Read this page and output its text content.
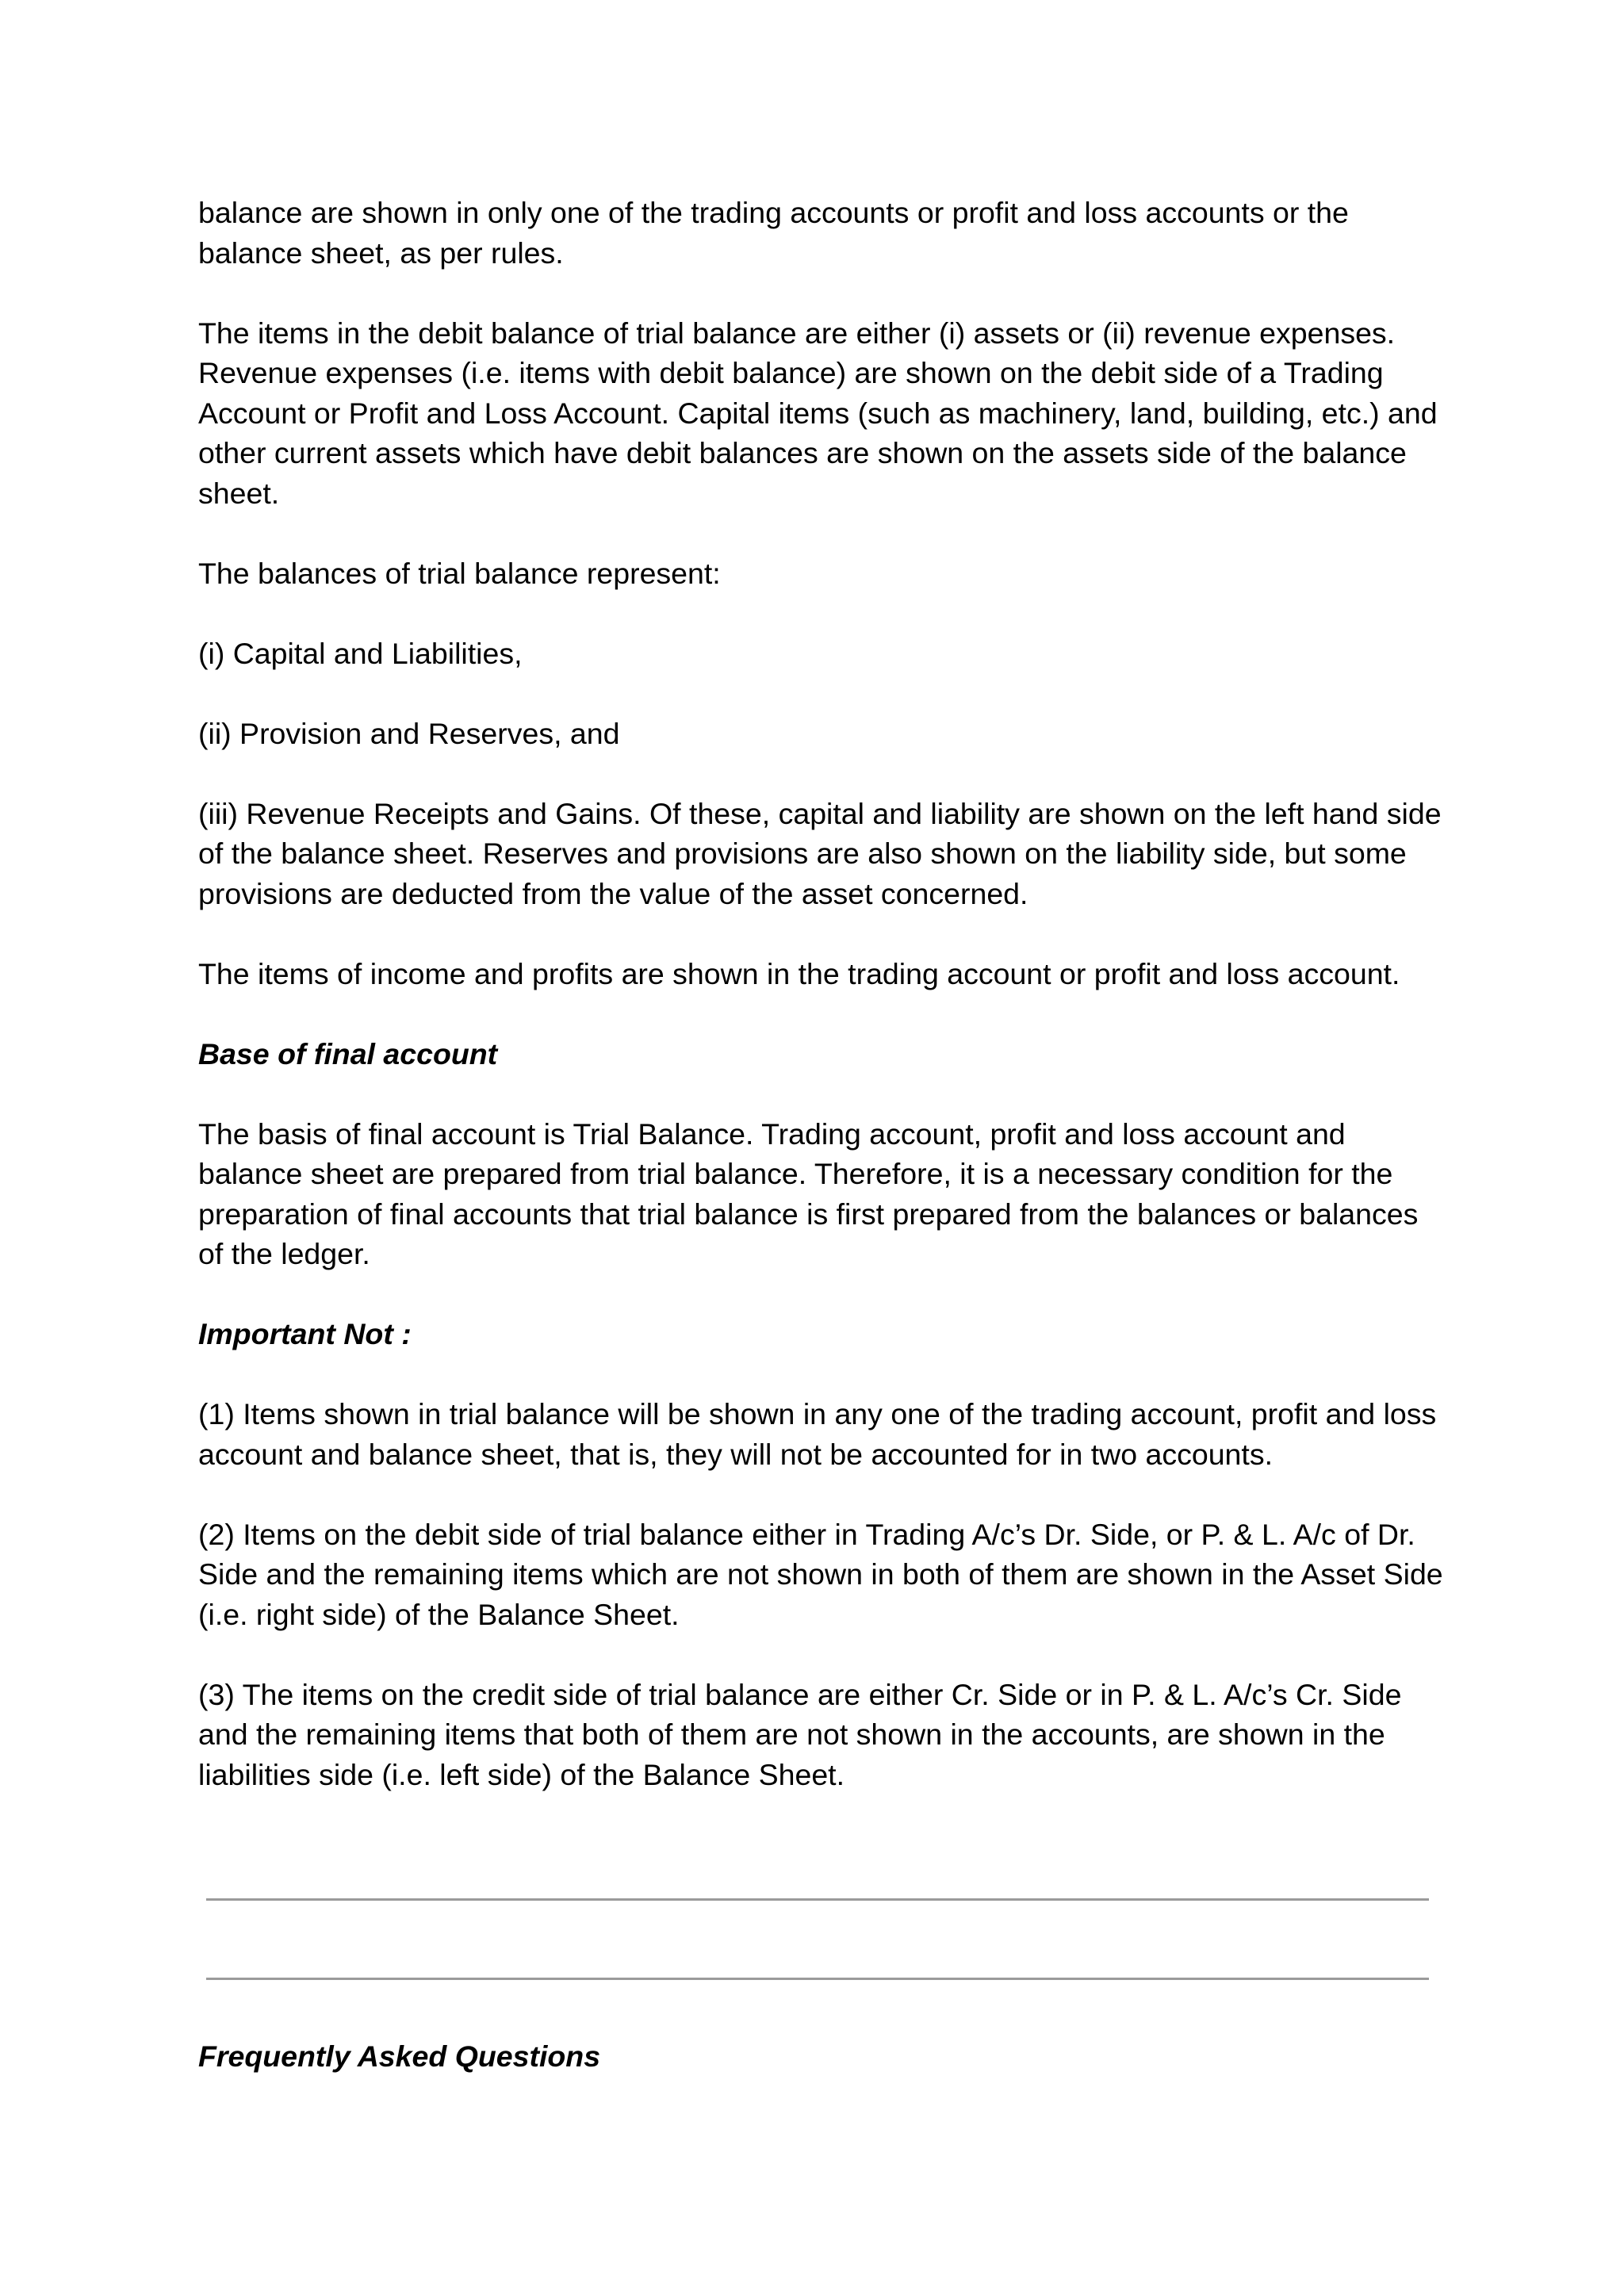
balance are shown in only one of the trading accounts or profit and loss accounts or the balance sheet, as per rules.

The items in the debit balance of trial balance are either (i) assets or (ii) revenue expenses. Revenue expenses (i.e. items with debit balance) are shown on the debit side of a Trading Account or Profit and Loss Account. Capital items (such as machinery, land, building, etc.) and other current assets which have debit balances are shown on the assets side of the balance sheet.

The balances of trial balance represent:

(i) Capital and Liabilities,

(ii) Provision and Reserves, and

(iii) Revenue Receipts and Gains. Of these, capital and liability are shown on the left hand side of the balance sheet. Reserves and provisions are also shown on the liability side, but some provisions are deducted from the value of the asset concerned.

The items of income and profits are shown in the trading account or profit and loss account.

Base of final account

The basis of final account is Trial Balance. Trading account, profit and loss account and balance sheet are prepared from trial balance. Therefore, it is a necessary condition for the preparation of final accounts that trial balance is first prepared from the balances or balances of the ledger.

Important Not :

(1) Items shown in trial balance will be shown in any one of the trading account, profit and loss account and balance sheet, that is, they will not be accounted for in two accounts.

(2) Items on the debit side of trial balance either in Trading A/c’s Dr. Side, or P. & L. A/c of Dr. Side and the remaining items which are not shown in both of them are shown in the Asset Side (i.e. right side) of the Balance Sheet.

(3) The items on the credit side of trial balance are either Cr. Side or in P. & L. A/c’s Cr. Side and the remaining items that both of them are not shown in the accounts, are shown in the liabilities side (i.e. left side) of the Balance Sheet.

Frequently Asked Questions
